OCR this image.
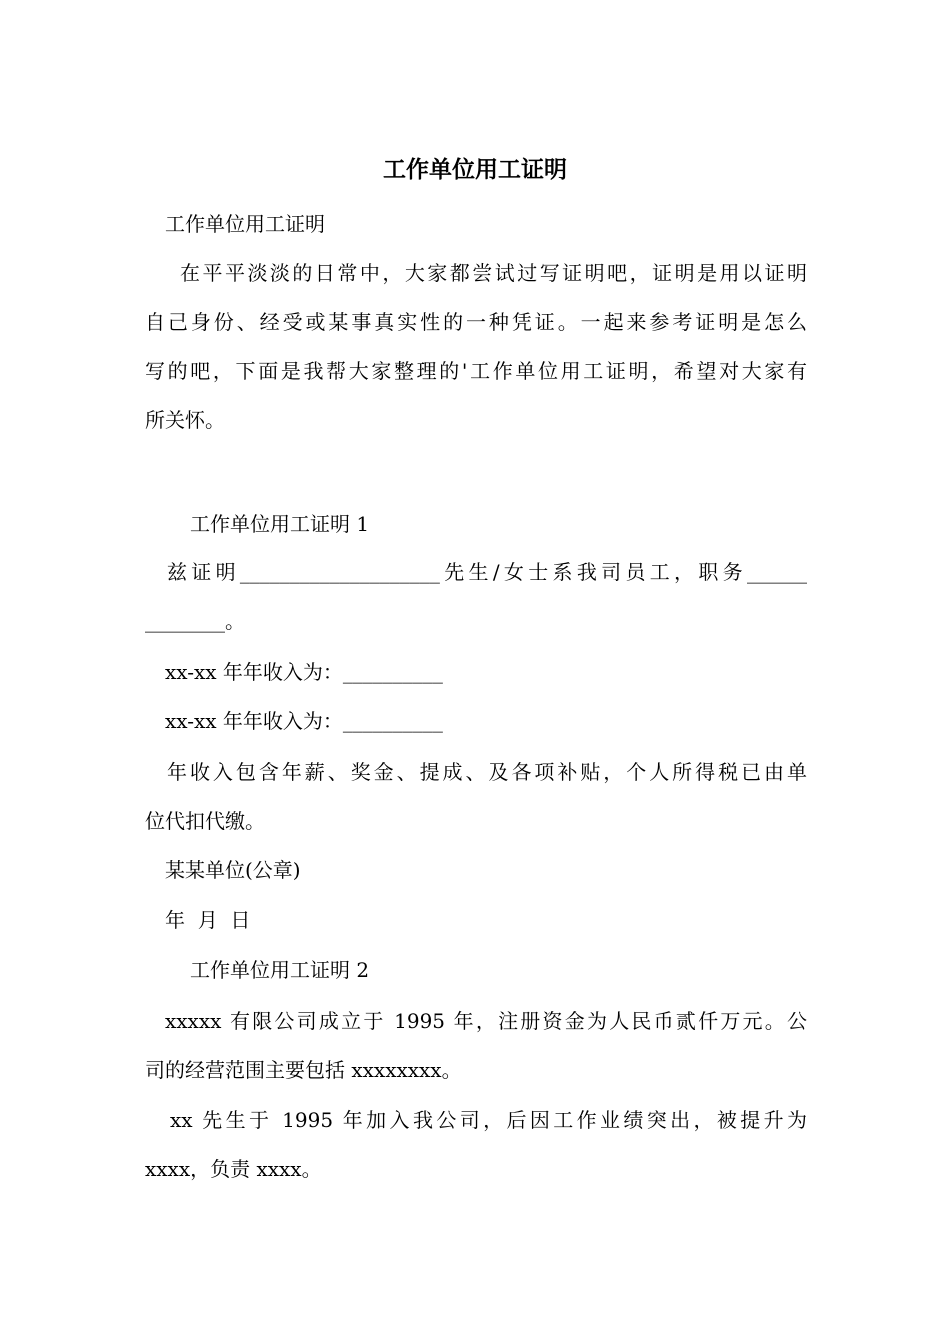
工作单位用工证明
工作单位用工证明
在平平淡淡的日常中，大家都尝试过写证明吧，证明是用以证明
自己身份、经受或某事真实性的一种凭证。一起来参考证明是怎么
写的吧，下面是我帮大家整理的'工作单位用工证明，希望对大家有
所关怀。
工作单位用工证明 1
兹证明____________________先生/女士系我司员工，职务______
________。
xx-xx 年年收入为：__________
xx-xx 年年收入为：__________
年收入包含年薪、奖金、提成、及各项补贴，个人所得税已由单
位代扣代缴。
某某单位(公章)
年  月  日
工作单位用工证明 2
xxxxx 有限公司成立于 1995 年，注册资金为人民币贰仟万元。公
司的经营范围主要包括 xxxxxxxx。
xx 先生于 1995 年加入我公司，后因工作业绩突出，被提升为
xxxx，负责 xxxx。
